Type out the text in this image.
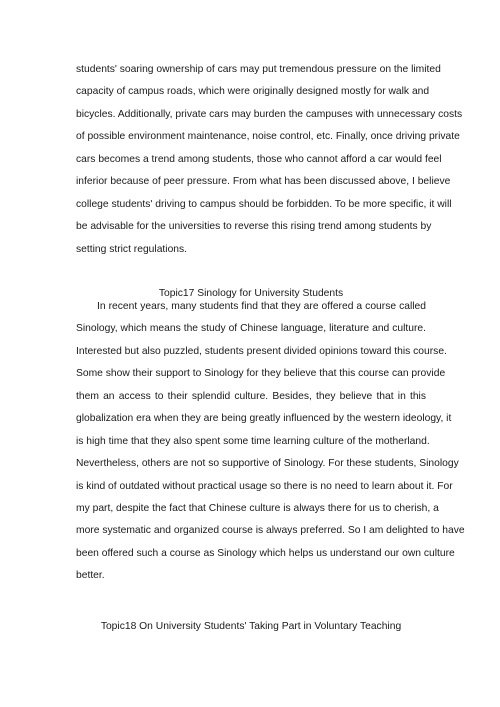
students' soaring ownership of cars may put tremendous pressure on the limited
capacity of campus roads, which were originally designed mostly for walk and
bicycles. Additionally, private cars may burden the campuses with unnecessary costs
of possible environment maintenance, noise control, etc. Finally, once driving private
cars becomes a trend among students, those who cannot afford a car would feel
inferior because of peer pressure. From what has been discussed above, I believe
college students' driving to campus should be forbidden. To be more specific, it will
be advisable for the universities to reverse this rising trend among students by
setting strict regulations.
Topic17 Sinology for University Students
In recent years, many students find that they are offered a course called
Sinology, which means the study of Chinese language, literature and culture.
Interested but also puzzled, students present divided opinions toward this course.
Some show their support to Sinology for they believe that this course can provide
them an access to their splendid culture. Besides, they believe that in this
globalization era when they are being greatly influenced by the western ideology, it
is high time that they also spent some time learning culture of the motherland.
Nevertheless, others are not so supportive of Sinology. For these students, Sinology
is kind of outdated without practical usage so there is no need to learn about it. For
my part, despite the fact that Chinese culture is always there for us to cherish, a
more systematic and organized course is always preferred. So I am delighted to have
been offered such a course as Sinology which helps us understand our own culture
better.
Topic18 On University Students' Taking Part in Voluntary Teaching
